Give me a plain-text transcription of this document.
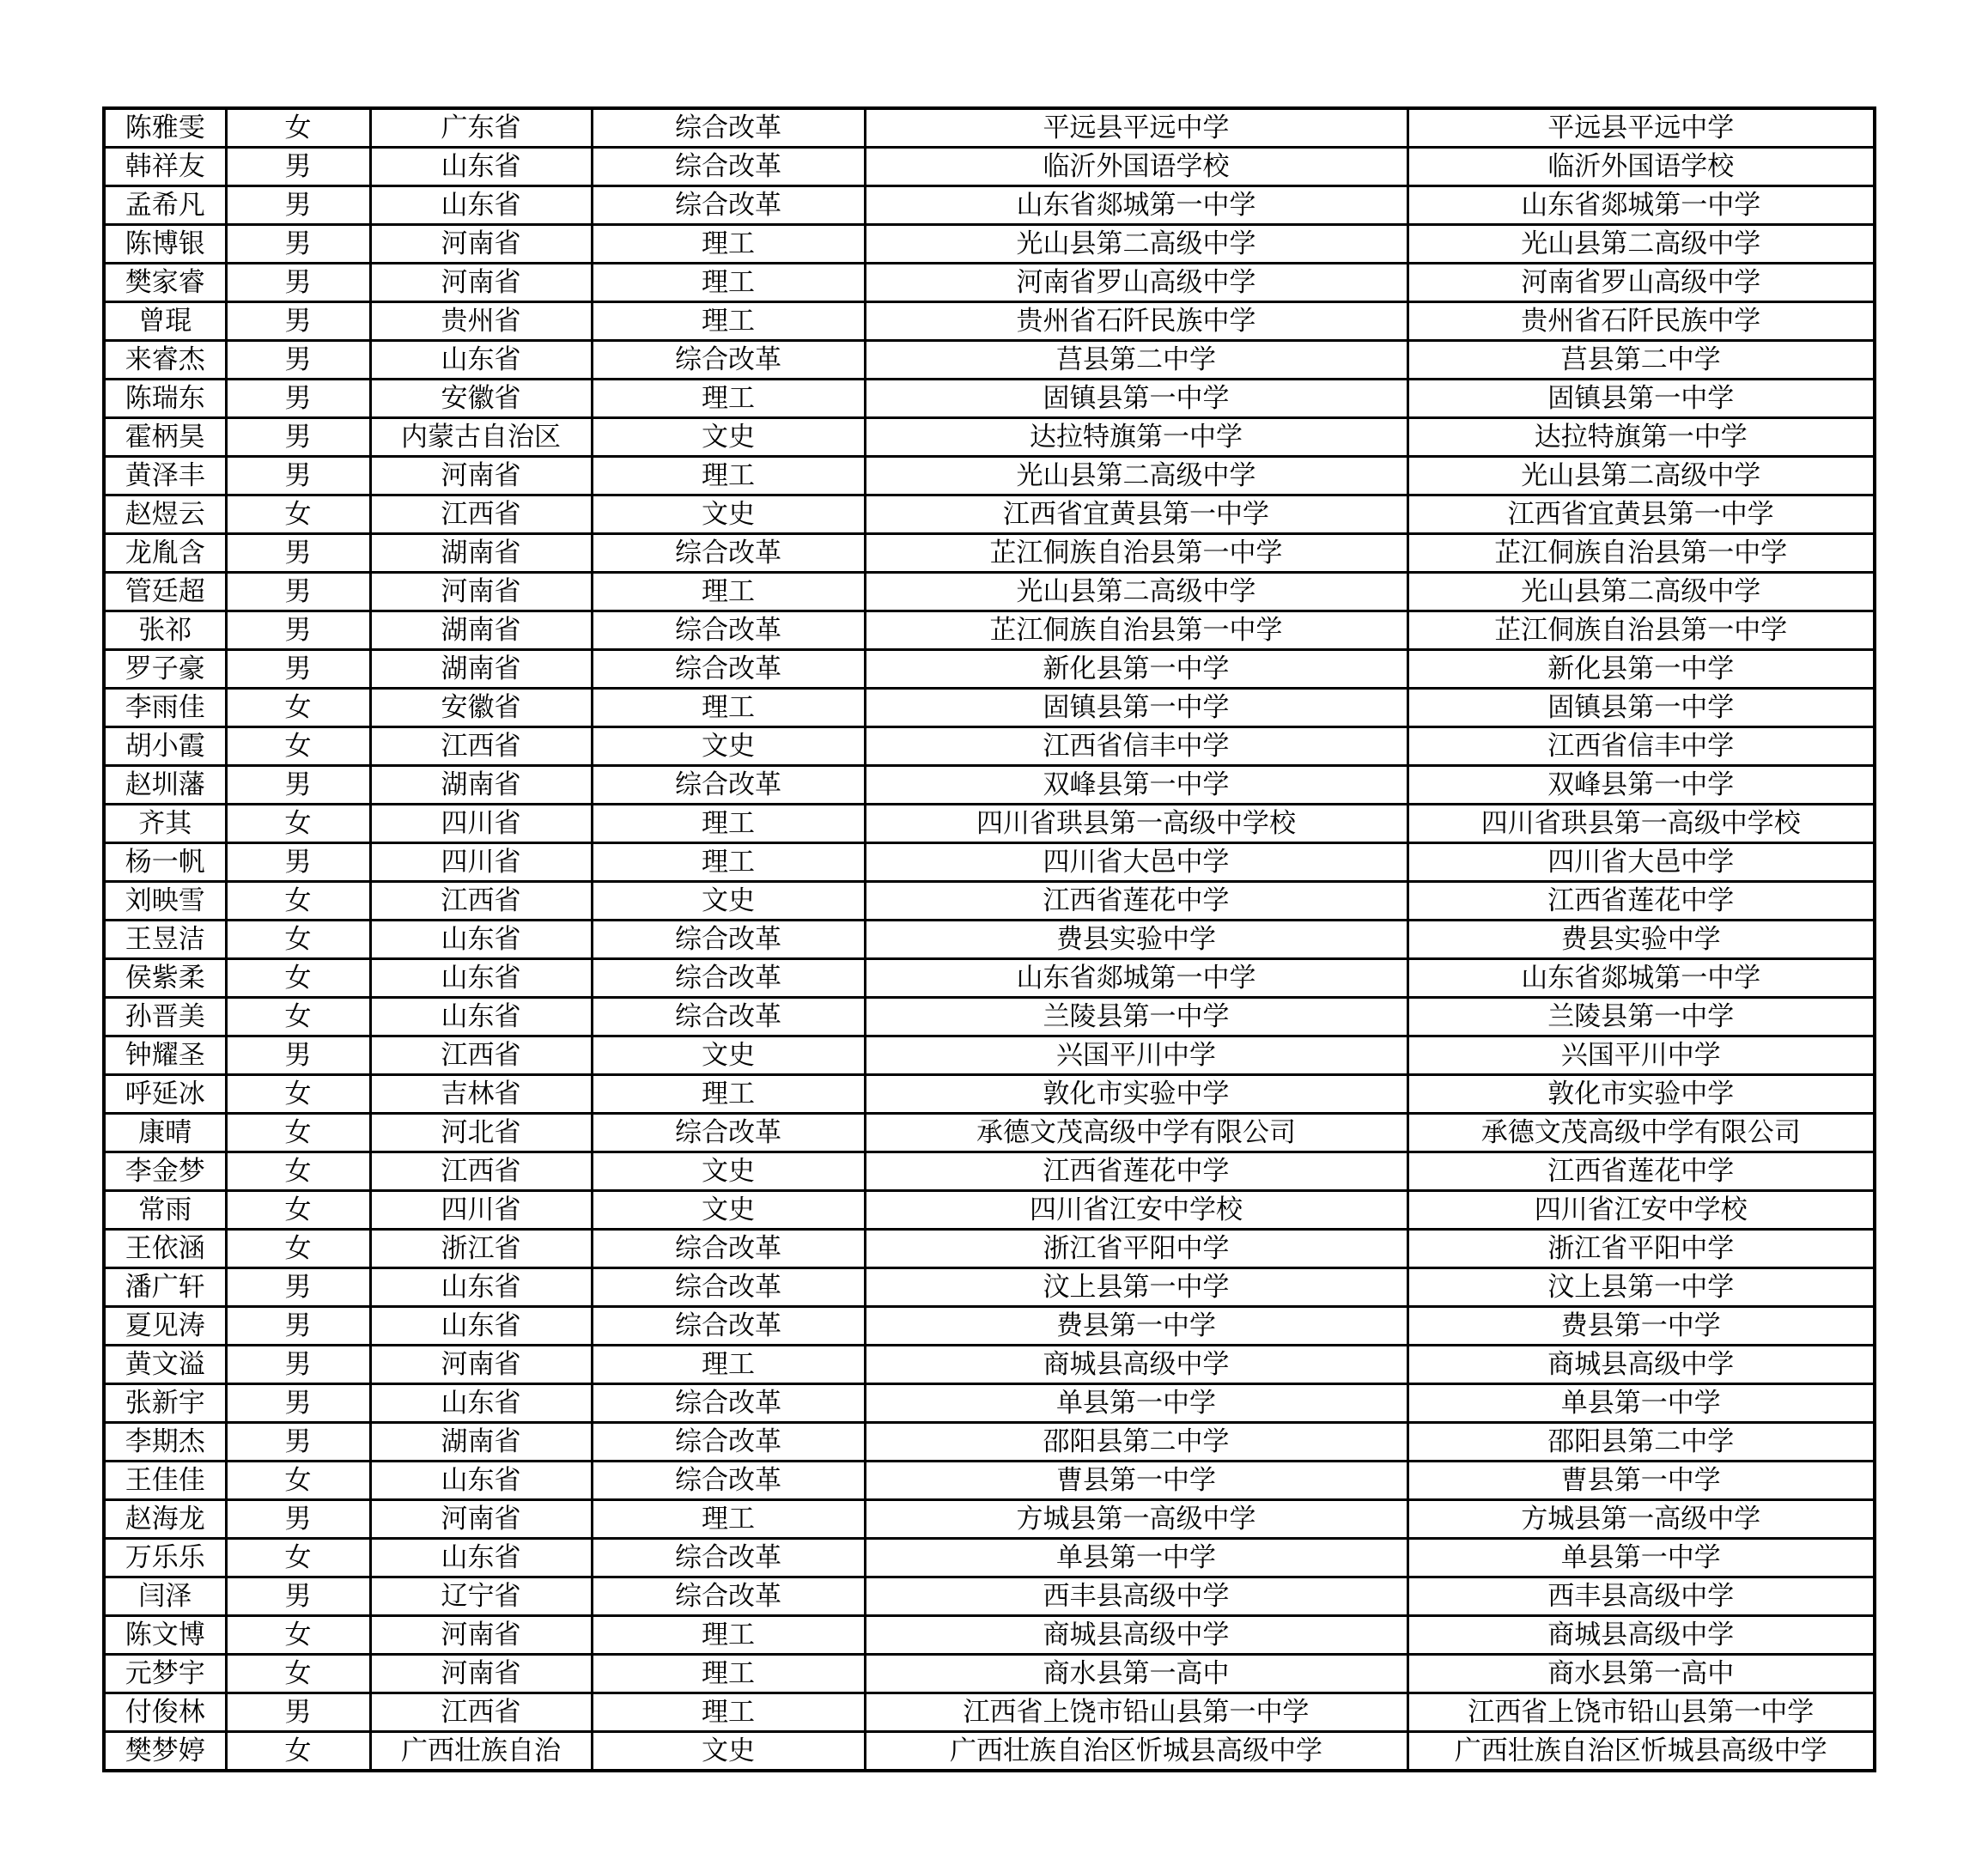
陈雅雯	女	广东省	综合改革	平远县平远中学	平远县平远中学
韩祥友	男	山东省	综合改革	临沂外国语学校	临沂外国语学校
孟希凡	男	山东省	综合改革	山东省郯城第一中学	山东省郯城第一中学
陈博银	男	河南省	理工	光山县第二高级中学	光山县第二高级中学
樊家睿	男	河南省	理工	河南省罗山高级中学	河南省罗山高级中学
曾琨	男	贵州省	理工	贵州省石阡民族中学	贵州省石阡民族中学
来睿杰	男	山东省	综合改革	莒县第二中学	莒县第二中学
陈瑞东	男	安徽省	理工	固镇县第一中学	固镇县第一中学
霍柄昊	男	内蒙古自治区	文史	达拉特旗第一中学	达拉特旗第一中学
黄泽丰	男	河南省	理工	光山县第二高级中学	光山县第二高级中学
赵煜云	女	江西省	文史	江西省宜黄县第一中学	江西省宜黄县第一中学
龙胤含	男	湖南省	综合改革	芷江侗族自治县第一中学	芷江侗族自治县第一中学
管廷超	男	河南省	理工	光山县第二高级中学	光山县第二高级中学
张祁	男	湖南省	综合改革	芷江侗族自治县第一中学	芷江侗族自治县第一中学
罗子豪	男	湖南省	综合改革	新化县第一中学	新化县第一中学
李雨佳	女	安徽省	理工	固镇县第一中学	固镇县第一中学
胡小霞	女	江西省	文史	江西省信丰中学	江西省信丰中学
赵圳藩	男	湖南省	综合改革	双峰县第一中学	双峰县第一中学
齐其	女	四川省	理工	四川省珙县第一高级中学校	四川省珙县第一高级中学校
杨一帆	男	四川省	理工	四川省大邑中学	四川省大邑中学
刘映雪	女	江西省	文史	江西省莲花中学	江西省莲花中学
王昱洁	女	山东省	综合改革	费县实验中学	费县实验中学
侯紫柔	女	山东省	综合改革	山东省郯城第一中学	山东省郯城第一中学
孙晋美	女	山东省	综合改革	兰陵县第一中学	兰陵县第一中学
钟耀圣	男	江西省	文史	兴国平川中学	兴国平川中学
呼延冰	女	吉林省	理工	敦化市实验中学	敦化市实验中学
康晴	女	河北省	综合改革	承德文茂高级中学有限公司	承德文茂高级中学有限公司
李金梦	女	江西省	文史	江西省莲花中学	江西省莲花中学
常雨	女	四川省	文史	四川省江安中学校	四川省江安中学校
王依涵	女	浙江省	综合改革	浙江省平阳中学	浙江省平阳中学
潘广轩	男	山东省	综合改革	汶上县第一中学	汶上县第一中学
夏见涛	男	山东省	综合改革	费县第一中学	费县第一中学
黄文溢	男	河南省	理工	商城县高级中学	商城县高级中学
张新宇	男	山东省	综合改革	单县第一中学	单县第一中学
李期杰	男	湖南省	综合改革	邵阳县第二中学	邵阳县第二中学
王佳佳	女	山东省	综合改革	曹县第一中学	曹县第一中学
赵海龙	男	河南省	理工	方城县第一高级中学	方城县第一高级中学
万乐乐	女	山东省	综合改革	单县第一中学	单县第一中学
闫泽	男	辽宁省	综合改革	西丰县高级中学	西丰县高级中学
陈文博	女	河南省	理工	商城县高级中学	商城县高级中学
元梦宇	女	河南省	理工	商水县第一高中	商水县第一高中
付俊林	男	江西省	理工	江西省上饶市铅山县第一中学	江西省上饶市铅山县第一中学
樊梦婷	女	广西壮族自治	文史	广西壮族自治区忻城县高级中学	广西壮族自治区忻城县高级中学
